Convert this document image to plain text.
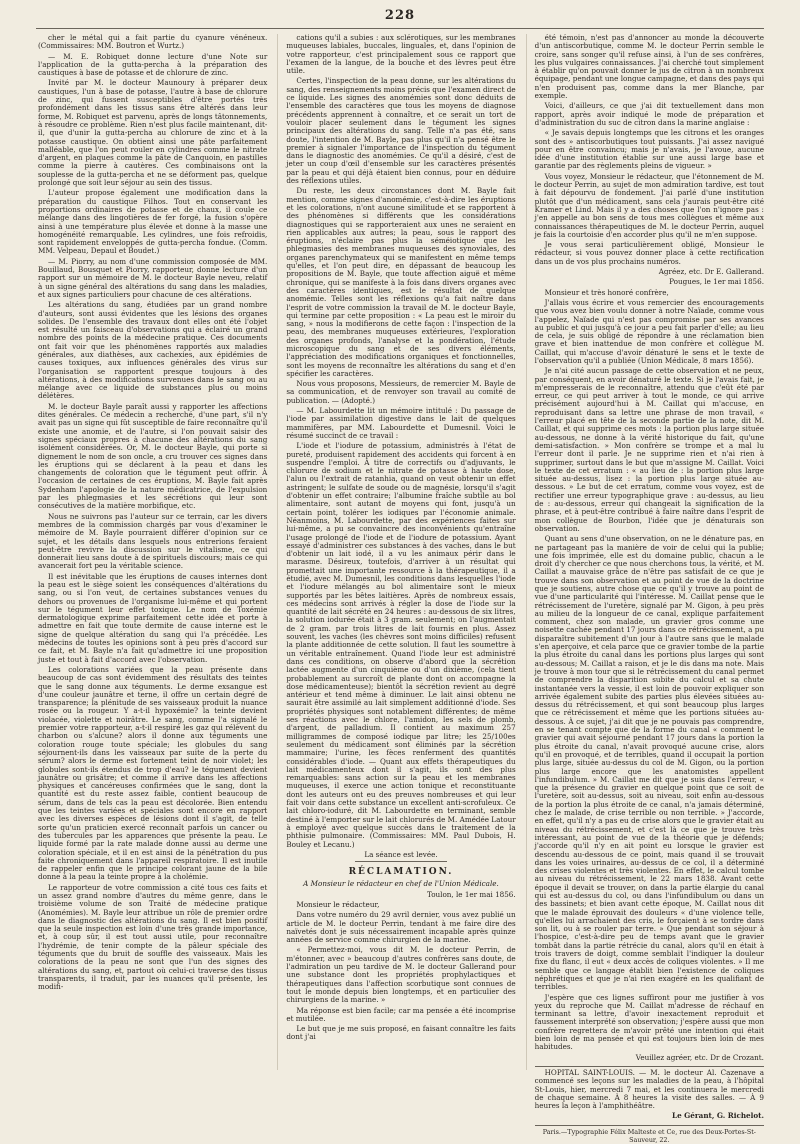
228

cher le métal qui a fait partie du cyanure vénéneux. (Commissaires: MM. Boutron et Wurtz.)

— M. E. Robiquet donne lecture d'une Note sur l'application de la gutta-percha à la préparation des caustiques à base de potasse et de chlorure de zinc.

Invité par M. le docteur Maunoury à préparer deux caustiques, l'un à base de potasse, l'autre à base de chlorure de zinc, qui fussent susceptibles d'être portés très profondément dans les tissus sans être altérés dans leur forme, M. Robiquet est parvenu, après de longs tâtonnements, à résoudre ce problème. Rien n'est plus facile maintenant, dit-il, que d'unir la gutta-percha au chlorure de zinc et à la potasse caustique. On obtient ainsi une pâte parfaitement malléable, que l'on peut rouler en cylindres comme le nitrate d'argent, en plaques comme la pâte de Canquoin, en pastilles comme la pierre à cautères. Ces combinaisons ont la souplesse de la gutta-percha et ne se déforment pas, quelque prolongé que soit leur séjour au sein des tissus.

L'auteur propose également une modification dans la préparation du caustique Filhos. Tout en conservant les proportions ordinaires de potasse et de chaux, il coule ce mélange dans des lingotières de fer forgé, la fusion s'opère ainsi à une température plus élevée et donne à la masse une homogénéité remarquable. Les cylindres, une fois refroidis, sont rapidement enveloppés de gutta-percha fondue. (Comm. MM. Velpeau, Depaul et Boudet.)

— M. Piorry, au nom d'une commission composée de MM. Bouillaud, Bousquet et Piorry, rapporteur, donne lecture d'un rapport sur un mémoire de M. le docteur Bayle neveu, relatif à un signe général des altérations du sang dans les maladies, et aux signes particuliers pour chacune de ces altérations.

Les altérations du sang, étudiées par un grand nombre d'auteurs, sont aussi évidentes que les lésions des organes solides. De l'ensemble des travaux dont elles ont été l'objet est résulté un faisceau d'observations qui a éclairé un grand nombre des points de la médecine pratique. Ces documents ont fait voir que les phénomènes rapportés aux maladies générales, aux diathèses, aux cachexies, aux épidémies de causes toxiques, aux influences générales des virus sur l'organisation se rapportent presque toujours à des altérations, à des modifications survenues dans le sang ou au mélange avec ce liquide de substances plus ou moins délétères.

M. le docteur Bayle paraît aussi y rapporter les affections dites générales. Ce médecin a recherché, d'une part, s'il n'y avait pas un signe qui fût susceptible de faire reconnaître qu'il existe une anomie, et de l'autre, si l'on pouvait saisir des signes spéciaux propres à chacune des altérations du sang isolément considérées. Or, M. le docteur Bayle, qui porte si dignement le nom de son oncle, a cru trouver ces signes dans les éruptions qui se déclarent à la peau et dans les changements de coloration que le tégument peut offrir. À l'occasion de certaines de ces éruptions, M. Bayle fait après Sydenham l'apologie de la nature médicatrice, de l'expulsion par les phlegmasies et les sécrétions qui leur sont consécutives de la matière morbifique, etc.

Nous ne suivrons pas l'auteur sur ce terrain, car les divers membres de la commission chargés par vous d'examiner le mémoire de M. Bayle pourraient différer d'opinion sur ce sujet, et les détails dans lesquels nous entrerions feraient peut-être revivre la discussion sur le vitalisme, ce qui donnerait lieu sans doute à de spirituels discours; mais ce qui avancerait fort peu la véritable science.

Il est inévitable que les éruptions de causes internes dont la peau est le siège soient les conséquences d'altérations du sang, ou si l'on veut, de certaines substances venues du dehors ou provenues de l'organisme lui-même et qui portent sur le tégument leur effet toxique. Le nom de Toxémie dermatologique exprime parfaitement cette idée et porte à admettre en fait que toute dermite de cause interne est le signe de quelque altération du sang qui l'a précédée. Les médecins de toutes les opinions sont à peu près d'accord sur ce fait, et M. Bayle n'a fait qu'admettre ici une proposition juste et tout à fait d'accord avec l'observation.

Les colorations variées que la peau présente dans beaucoup de cas sont évidemment des résultats des teintes que le sang donne aux téguments. Le derme exsangue est d'une couleur jaunâtre et terne, il offre un certain degré de transparence; la plénitude de ses vaisseaux produit la nuance rosée ou la rougeur. Y a-t-il hypoxémie? la teinte devient violacée, violette et noirâtre. Le sang, comme l'a signalé le premier votre rapporteur, a-t-il respiré les gaz qui rélèvent du charbon ou s'alcune? alors il donne aux téguments une coloration rouge toute spéciale; les globules du sang séjournent-ils dans les vaisseaux par suite de la perte du sérum? alors le derme est fortement teint de noir violet; les globules sont-ils étendus de trop d'eau? le tégument devient jaunâtre ou grisâtre; et comme il arrive dans les affections physiques et cancéreuses confirmées que le sang, dont la quantité est du reste assez faible, contient beaucoup de sérum, dans de tels cas la peau est décolorée. Bien entendu que les teintes variées et spéciales sont encore en rapport avec les diverses espèces de lésions dont il s'agit, de telle sorte qu'un praticien exercé reconnaît parfois un cancer ou des tubercules par les apparences que présente la peau. Le liquide formé par la rate malade donne aussi au derme une coloration spéciale, et il en est ainsi de la pénétration du pus faite chroniquement dans l'appareil respiratoire. Il est inutile de rappeler enfin que le principe colorant jaune de la bile donne à la peau la teinte propre à la cholémie.

Le rapporteur de votre commission a cité tous ces faits et un assez grand nombre d'autres du même genre, dans le troisième volume de son Traité de médecine pratique (Anomémies). M. Bayle leur attribue un rôle de premier ordre dans le diagnostic des altérations du sang. Il est bien positif que la seule inspection est loin d'une très grande importance, et, à coup sûr, il est tout aussi utile, pour reconnaître l'hydrémie, de tenir compte de la pâleur spéciale des téguments que du bruit de souffle des vaisseaux. Mais les colorations de la peau ne sont que l'un des signes des altérations du sang, et, partout où celui-ci traverse des tissus transparents, il traduit, par les nuances qu'il présente, les modifi-

cations qu'il a subies : aux sclérotiques, sur les membranes muqueuses labiales, buccales, linguales, et, dans l'opinion de votre rapporteur, c'est principalement sous ce rapport que l'examen de la langue, de la bouche et des lèvres peut être utile.

Certes, l'inspection de la peau donne, sur les altérations du sang, des renseignements moins précis que l'examen direct de ce liquide. Les signes des anomémies sont donc déduits de l'ensemble des caractères que tous les moyens de diagnose précédents apprennent à connaître, et ce serait un tort de vouloir placer seulement dans le tégument les signes principaux des altérations du sang. Telle n'a pas été, sans doute, l'intention de M. Bayle, pas plus qu'il n'a pensé être le premier à signaler l'importance de l'inspection du tégument dans le diagnostic des anomémies. Ce qu'il a désiré, c'est de jeter un coup d'œil d'ensemble sur les caractères présentés par la peau et qui déjà étaient bien connus, pour en déduire des réflexions utiles.

Du reste, les deux circonstances dont M. Bayle fait mention, comme signes d'anomémie, c'est-à-dire les éruptions et les colorations, n'ont aucune similitude et se rapportent à des phénomènes si différents que les considérations diagnostiques qui se rapporteraient aux unes ne seraient en rien applicables aux autres; la peau, sous le rapport des éruptions, n'éclaire pas plus la séméiotique que les phlegmasies des membranes muqueuses des synoviales, des organes parenchymateux qui se manifestent en même temps qu'elles, et l'on peut dire, en dépassant de beaucoup les propositions de M. Bayle, que toute affection aiguë et même chronique, qui se manifeste à la fois dans divers organes avec des caractères identiques, est le résultat de quelque anomémie. Telles sont les réflexions qu'a fait naître dans l'esprit de votre commission la travail de M. le docteur Bayle, qui termine par cette proposition : « La peau est le miroir du sang, » nous la modifierons de cette façon : l'inspection de la peau, des membranes muqueuses extérieures, l'exploration des organes profonds, l'analyse et la pondération, l'étude microscopique du sang et de ses divers éléments, l'appréciation des modifications organiques et fonctionnelles, sont les moyens de reconnaître les altérations du sang et d'en spécifier les caractères.

Nous vous proposons, Messieurs, de remercier M. Bayle de sa communication, et de renvoyer son travail au comité de publication. — (Adopté.)

— M. Labourdette lit un mémoire intitulé : Du passage de l'iode par assimilation digestive dans le lait de quelques mammifères, par MM. Labourdette et Dumesnil. Voici le résumé succinct de ce travail :

L'iode et l'iodure de potassium, administrés à l'état de pureté, produisent rapidement des accidents qui forcent à en suspendre l'emploi. À titre de correctifs ou d'adjuvants, le chlorure de sodium et le nitrate de potasse à haute dose, l'alun ou l'extrait de ratanhia, quand on veut obtenir un effet astringent; le sulfate de soude ou de magnésie, lorsqu'il s'agit d'obtenir un effet contraire; l'albumine fraîche subtile au bol alimentaire, sont autant de moyens qui font, jusqu'à un certain point, tolérer les iodiques par l'économie animale. Néanmoins, M. Labourdette, par des expériences faites sur lui-même, a pu se convaincre des inconvénients qu'entraîne l'usage prolongé de l'iode et de l'iodure de potassium. Ayant essayé d'administrer ces substances à des vaches, dans le but d'obtenir un lait iodé, il a vu les animaux périr dans le marasme. Désireux, toutefois, d'arriver à un résultat qui promettait une importante ressource à la thérapeutique, il a étudié, avec M. Dumesnil, les conditions dans lesquelles l'iode et l'iodure mélangés au bol alimentaire sont le mieux supportés par les bêtes laitières. Après de nombreux essais, ces médecins sont arrivés à régler la dose de l'iode sur la quantité de lait sécrété en 24 heures : au-dessous de six litres, la solution iodurée était à 3 gram. seulement; on l'augmentait de 2 gram. par trois litres de lait fournis en plus. Assez souvent, les vaches (les chèvres sont moins difficiles) refusent la plante additionnée de cette solution. Il faut les soumettre à un véritable entraînement. Quand l'iode leur est administré dans ces conditions, on observe d'abord que la sécrétion lactée augmente d'un cinquième ou d'un dixième, (cela tient probablement au surcroît de plante dont on accompagne la dose médicamenteuse); bientôt la sécrétion revient au degré antérieur et tend même à diminuer. Le lait ainsi obtenu ne saurait être assimilé au lait simplement additionné d'iode. Ses propriétés physiques sont notablement différentes; de même ses réactions avec le chlore, l'amidon, les sels de plomb, d'argent, de palladium. Il contient au maximum 257 milligrammes de composé iodique par litre; les 25/100es seulement du médicament sont éliminés par la sécrétion mammaire; l'urine, les fèces renferment des quantités considérables d'iode. — Quant aux effets thérapeutiques du lait médicamenteux dont il s'agit, ils sont des plus remarquables: sans action sur la peau et les membranes muqueuses, il exerce une action tonique et reconstituante dont les auteurs ont eu des preuves nombreuses et qui leur fait voir dans cette substance un excellent anti-scrofuleux. Ce lait chloro-ioduré, dit M. Labourdette en terminant, semble destiné à l'emporter sur le lait chlorurés de M. Amédée Latour à employé avec quelque succès dans le traitement de la phthisie pulmonaire. (Commissaires: MM. Paul Dubois, H. Bouley et Lecanu.)

La séance est levée.

RÉCLAMATION.

A Monsieur le rédacteur en chef de l'Union Médicale.

Toulon, le 1er mai 1856.

Monsieur le rédacteur,

Dans votre numéro du 29 avril dernier, vous avez publié un article de M. le docteur Perrin, tendant à me faire dire des naïvetés dont je suis nécessairement incapable après quinze années de service comme chirurgien de la marine.

« Permettez-moi, vous dit M. le docteur Perrin, de m'étonner, avec » beaucoup d'autres confrères sans doute, de l'admiration un peu tardive de M. le docteur Gallerand pour une substance dont les propriétés prophylactiques et thérapeutiques dans l'affection scorbutique sont connues de tout le monde depuis bien longtemps, et en particulier des chirurgiens de la marine. »

Ma réponse est bien facile; car ma pensée a été incomprise et mutilée.

Le but que je me suis proposé, en faisant connaître les faits dont j'ai

été témoin, n'est pas d'annoncer au monde la découverte d'un antiscorbutique, comme M. le docteur Perrin semble le croire, sans songer qu'il refuse ainsi, à l'un de ses confrères, les plus vulgaires connaissances. J'ai cherché tout simplement à établir qu'on pouvait donner le jus de citron à un nombreux équipage, pendant une longue campagne, et dans des pays qui n'en produisent pas, comme dans la mer Blanche, par exemple.

Voici, d'ailleurs, ce que j'ai dit textuellement dans mon rapport, après avoir indiqué le mode de préparation et d'administration du suc de citron dans la marine anglaise :

« Je savais depuis longtemps que les citrons et les oranges sont des » antiscorbutiques tout puissants. J'ai assez navigué pour en être convaincu; mais je n'avais, je l'avoue, aucune idée d'une institution établie sur une aussi large base et garantie par des règlements pleins de vigueur. »

Vous voyez, Monsieur le rédacteur, que l'étonnement de M. le docteur Perrin, au sujet de mon admiration tardive, est tout à fait dépourvu de fondement. J'ai parlé d'une institution plutôt que d'un médicament, sans cela j'aurais peut-être cité Kramer et Lind. Mais il y a des choses que l'on n'ignore pas : j'en appelle au bon sens de tous mes collègues et même aux connaissances thérapeutiques de M. le docteur Perrin, auquel je fais la courtoisie d'en accorder plus qu'il ne m'en suppose.

Je vous serai particulièrement obligé, Monsieur le rédacteur, si vous pouvez donner place à cette rectification dans un de vos plus prochains numéros.

Agréez, etc. Dr E. Gallerand.

Pougues, le 1er mai 1856.

Monsieur et très honoré confrère,

J'allais vous écrire et vous remercier des encouragements que vous avez bien voulu donner à notre Naïade, comme vous l'appelez, Naïade qui n'est pas compromise par ses avances au public et qui jusqu'à ce jour a peu fait parler d'elle; au lieu de cela, je suis obligé de répondre à une réclamation bien grave et bien inattendue de mon confrère et collègue M. Caillat, qui m'accuse d'avoir dénaturé le sens et le texte de l'observation qu'il a publiée (Union Médicale, 8 mars 1856).

Je n'ai cité aucun passage de cette observation et ne peux, par conséquent, en avoir dénaturé le texte. Si je l'avais fait, je m'empresserais de le reconnaître, attendu que c'eût été par erreur, ce qui peut arriver à tout le monde, ce qui arrive précisément aujourd'hui à M. Caillat qui m'accuse, en reproduisant dans sa lettre une phrase de mon travail, « l'erreur placé en tête de la seconde partie de la note, dit M. Caillat, et qui supprime ces mots : la portion plus large située au-dessous, ne donne à la vérité historique du fait, qu'une demi-satisfaction. » Mon confrère se trompe et a mal lu l'erreur dont il parle. Je ne supprime rien et n'ai rien à supprimer, surtout dans le but que m'assigne M. Caillat. Voici le texte de cet erratum : « au lieu de : la portion plus large située au-dessus, lisez : la portion plus large située au-dessous. » Le but de cet erratum, comme vous voyez, est de rectifier une erreur typographique grave : au-dessus, au lieu de : au-dessous, erreur qui changeait la signification de la phrase, et à peut-être contribué à faire naître dans l'esprit de mon collègue de Bourbon, l'idée que je dénaturais son observation.

Quant au sens d'une observation, on ne le dénature pas, en ne partageant pas la manière de voir de celui qui la publie; une fois imprimée, elle est du domaine public, chacun a le droit d'y chercher ce que nous cherchons tous, la vérité, et M. Caillat a mauvaise grâce de n'être pas satisfait de ce que je trouve dans son observation et au point de vue de la doctrine que je soutiens, autre chose que ce qu'il y trouve au point de vue d'une particularité qui l'intéresse. M. Caillat pense que le rétrécissement de l'uretère, signalé par M. Gigon, à peu près au milieu de la longueur de ce canal, explique parfaitement comment, chez son malade, un gravier gros comme une noisette cachée pendant 17 jours dans ce rétrécissement, a pu disparaître subitement d'un jour à l'autre sans que le malade s'en aperçoive, et cela parce que ce gravier tombe de la partie la plus étroite du canal dans les portions plus larges qui sont au-dessous; M. Caillat a raison, et je le dis dans ma note. Mais je trouve à mon tour que si le rétrécissement du canal permet de comprendre la disparition subite du calcul et sa chute instantanée vers la vessie, il est loin de pouvoir expliquer son arrivée également subite des parties plus élevées situées au-dessus du rétrécissement, et qui sont beaucoup plus larges que ce rétrécissement et même que les portions situées au-dessous. À ce sujet, j'ai dit que je ne pouvais pas comprendre, en se tenant compte que de la forme du canal « comment le gravier qui avait séjourné pendant 17 jours dans la portion la plus étroite du canal, n'avait provoqué aucune crise, alors qu'il en provoqué, et de terribles, quand il occupait la portion plus large, située au-dessus du col de M. Gigon, ou la portion plus large encore que les anatomistes appellent l'infundibulum. » M. Caillat me dit que je suis dans l'erreur, « que la présence du gravier en quelque point que ce soit de l'uretère, soit au-dessus, soit au niveau, soit enfin au-dessous de la portion la plus étroite de ce canal, n'a jamais déterminé, chez le malade, de crise terrible ou non terrible. » J'accorde, en effet, qu'il n'y a pas eu de crise alors que le gravier était au niveau du rétrécissement, et c'est là ce que je trouve très intéressant, au point de vue de la théorie que je défends; j'accorde qu'il n'y en ait point eu lorsque le gravier est descendu au-dessous de ce point, mais quand il se trouvait dans les voies urinaires, au-dessus de ce col, il a déterminé des crises violentes et très violentes. En effet, le calcul tombe au niveau du rétrécissement, le 22 mars 1838. Avant cette époque il devait se trouver, on dans la partie élargie du canal qui est au-dessus du col, ou dans l'infundibulum ou dans un des bassinets; et bien avant cette époque, M. Caillat nous dit que le malade éprouvait des douleurs « d'une violence telle, qu'elles lui arrachaient des cris, le forçaient à se tordre dans son lit, ou à se rouler par terre. » Que pendant son séjour à l'hospice, c'est-à-dire peu de temps avant que le gravier tombât dans la partie rétrécie du canal, alors qu'il en était à trois travers de doigt, comme semblait l'indiquer la douleur fixe du flanc, il eut « deux accès de coliques violentes. » Il me semble que ce langage établit bien l'existence de coliques néphrétiques et que je n'ai rien exagéré en les qualifiant de terribles.

J'espère que ces lignes suffiront pour me justifier à vos yeux du reproche que M. Caillat m'adresse de réchauf en terminant sa lettre, d'avoir inexactement reproduit et faussement interprété son observation; j'espère aussi que mon confrère regrettera de m'avoir prêté une intention qui était bien loin de ma pensée et qui est toujours bien loin de mes habitudes.

Veuillez agréer, etc. Dr de Crozant.

HOPITAL SAINT-LOUIS. — M. le docteur Al. Cazenave a commencé ses leçons sur les maladies de la peau, à l'hôpital St-Louis, hier, mercredi 7 mai, et les continuera le mercredi de chaque semaine. À 8 heures la visite des salles. — À 9 heures la leçon à l'amphithéâtre.

Le Gérant, G. Richelot.

Paris.—Typographie Félix Malteste et Ce, rue des Deux-Portes-St-Sauveur, 22.
